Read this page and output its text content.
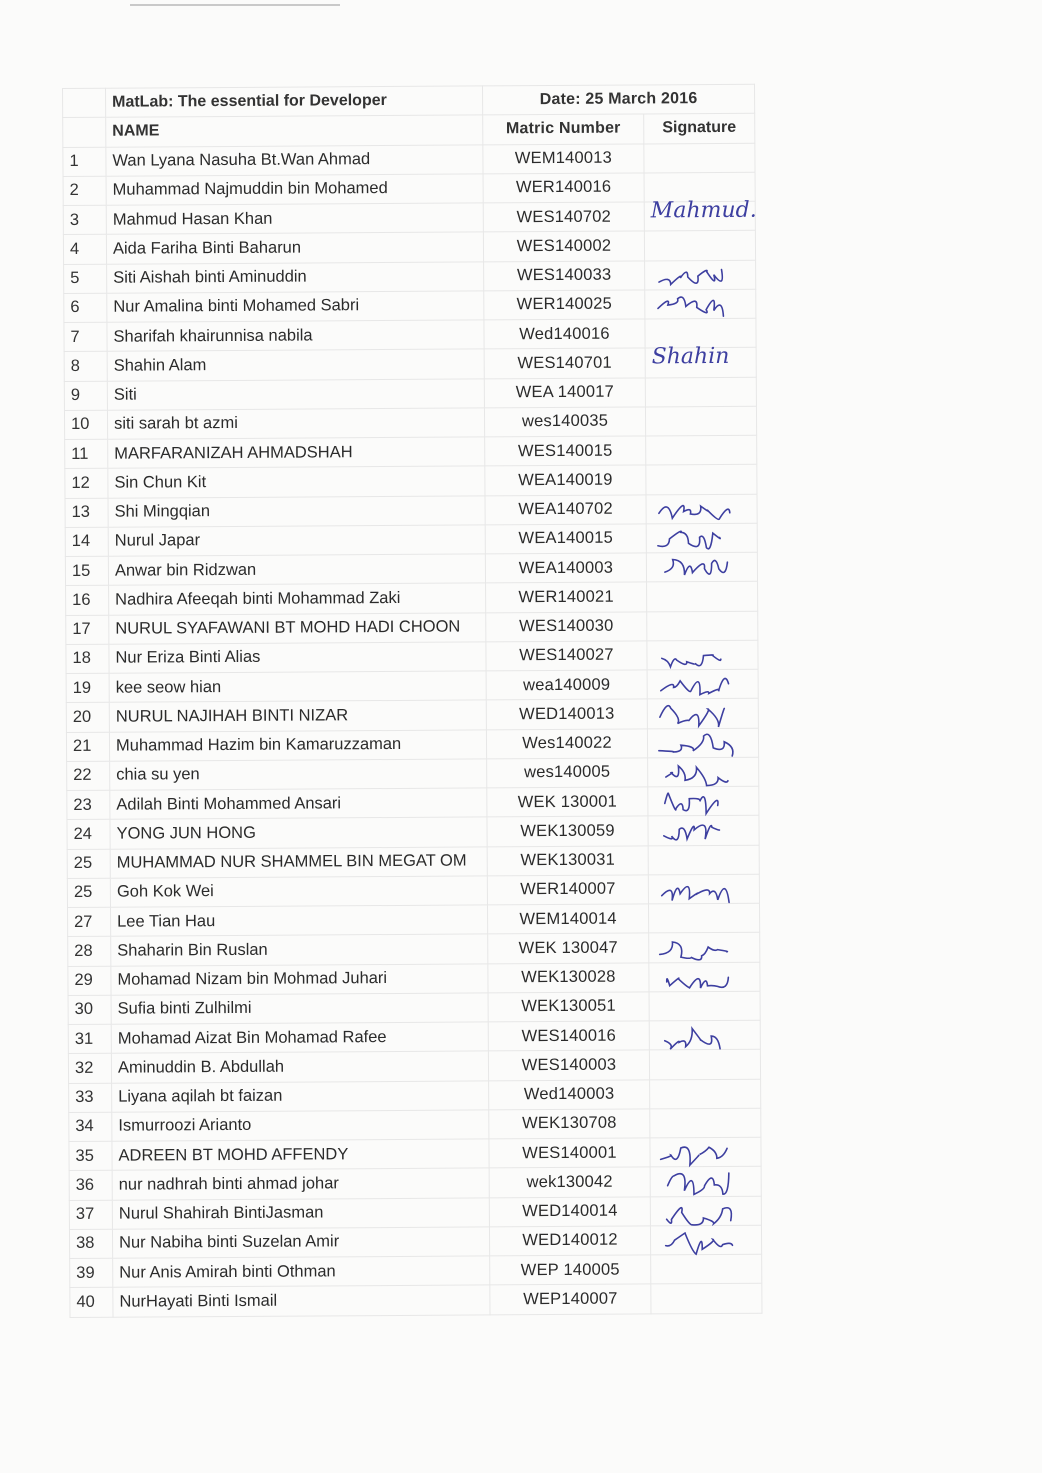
	MatLab: The essential for Developer	Date: 25 March 2016	
	NAME	Matric Number	Signature
1	Wan Lyana Nasuha Bt.Wan Ahmad	WEM140013	
2	Muhammad Najmuddin bin Mohamed	WER140016	
3	Mahmud Hasan Khan	WES140702	Mahmud.

4	Aida Fariha Binti Baharun	WES140002	
5	Siti Aishah binti Aminuddin	WES140033	

6	Nur Amalina binti Mohamed Sabri	WER140025	

7	Sharifah khairunnisa nabila	Wed140016	
8	Shahin Alam	WES140701	Shahin

9	Siti	WEA 140017	
10	siti sarah bt azmi	wes140035	
11	MARFARANIZAH AHMADSHAH	WES140015	
12	Sin Chun Kit	WEA140019	
13	Shi Mingqian	WEA140702	

14	Nurul Japar	WEA140015	

15	Anwar bin Ridzwan	WEA140003	

16	Nadhira Afeeqah binti Mohammad Zaki	WER140021	
17	NURUL SYAFAWANI BT MOHD HADI CHOON	WES140030	
18	Nur Eriza Binti Alias	WES140027	

19	kee seow hian	wea140009	

20	NURUL NAJIHAH BINTI NIZAR	WED140013	

21	Muhammad Hazim bin Kamaruzzaman	Wes140022	

22	chia su yen	wes140005	

23	Adilah Binti Mohammed Ansari	WEK 130001	

24	YONG JUN HONG	WEK130059	

25	MUHAMMAD NUR SHAMMEL BIN MEGAT OM	WEK130031	
25	Goh Kok Wei	WER140007	

27	Lee Tian Hau	WEM140014	
28	Shaharin Bin Ruslan	WEK 130047	

29	Mohamad Nizam bin Mohmad Juhari	WEK130028	

30	Sufia binti Zulhilmi	WEK130051	
31	Mohamad Aizat Bin Mohamad Rafee	WES140016	

32	Aminuddin B. Abdullah	WES140003	
33	Liyana aqilah bt faizan	Wed140003	
34	Ismurroozi Arianto	WEK130708	
35	ADREEN BT MOHD AFFENDY	WES140001	

36	nur nadhrah binti ahmad johar	wek130042	

37	Nurul Shahirah BintiJasman	WED140014	

38	Nur Nabiha binti Suzelan Amir	WED140012	

39	Nur Anis Amirah binti Othman	WEP 140005	
40	NurHayati Binti Ismail	WEP140007	
